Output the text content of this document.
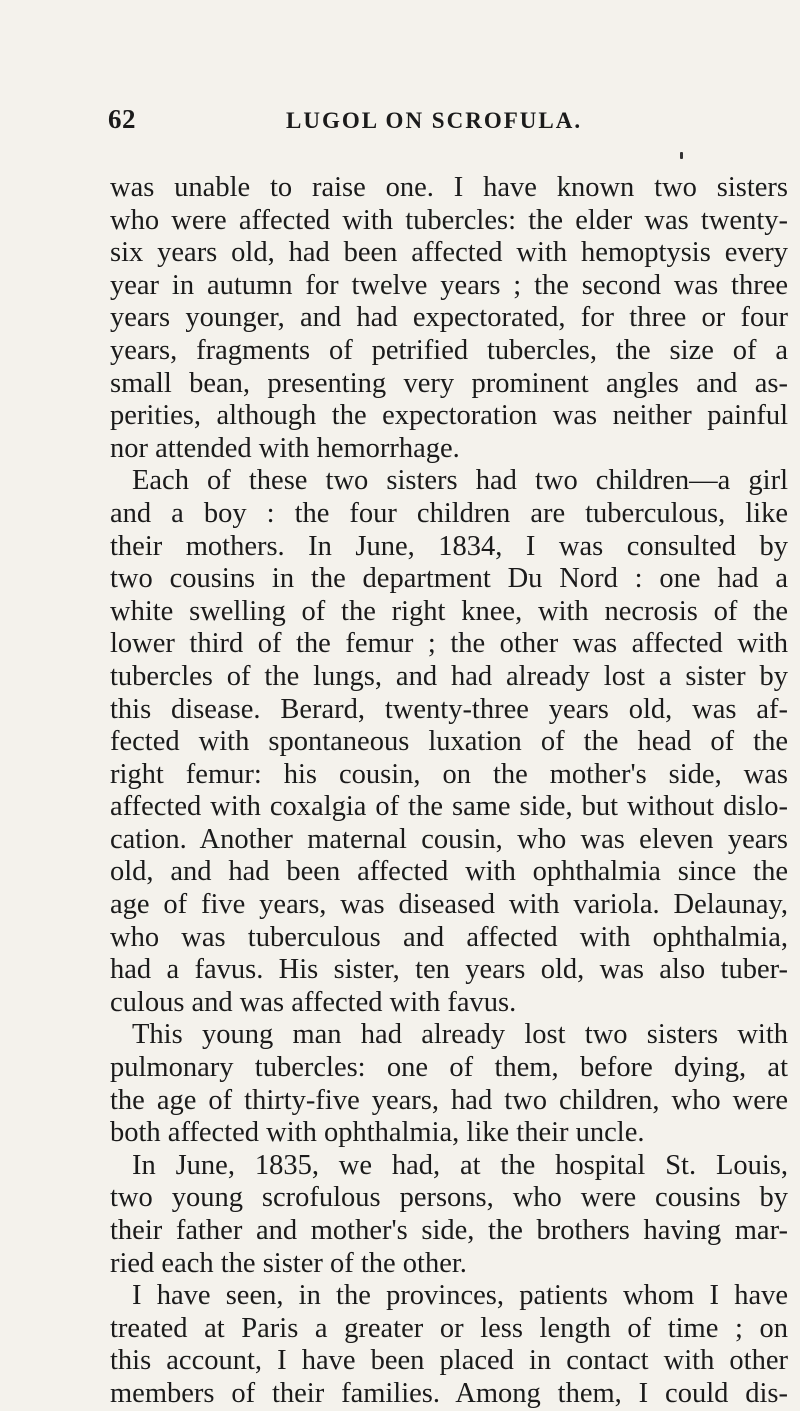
62	LUGOL ON SCROFULA.
was unable to raise one. I have known two sisters
who were affected with tubercles: the elder was twenty-
six years old, had been affected with hemoptysis every
year in autumn for twelve years ; the second was three
years younger, and had expectorated, for three or four
years, fragments of petrified tubercles, the size of a
small bean, presenting very prominent angles and as-
perities, although the expectoration was neither painful
nor attended with hemorrhage.
Each of these two sisters had two children—a girl
and a boy : the four children are tuberculous, like
their mothers. In June, 1834, I was consulted by
two cousins in the department Du Nord : one had a
white swelling of the right knee, with necrosis of the
lower third of the femur ; the other was affected with
tubercles of the lungs, and had already lost a sister by
this disease. Berard, twenty-three years old, was af-
fected with spontaneous luxation of the head of the
right femur: his cousin, on the mother's side, was
affected with coxalgia of the same side, but without dislo-
cation. Another maternal cousin, who was eleven years
old, and had been affected with ophthalmia since the
age of five years, was diseased with variola. Delaunay,
who was tuberculous and affected with ophthalmia,
had a favus. His sister, ten years old, was also tuber-
culous and was affected with favus.
This young man had already lost two sisters with
pulmonary tubercles: one of them, before dying, at
the age of thirty-five years, had two children, who were
both affected with ophthalmia, like their uncle.
In June, 1835, we had, at the hospital St. Louis,
two young scrofulous persons, who were cousins by
their father and mother's side, the brothers having mar-
ried each the sister of the other.
I have seen, in the provinces, patients whom I have
treated at Paris a greater or less length of time ; on
this account, I have been placed in contact with other
members of their families. Among them, I could dis-
